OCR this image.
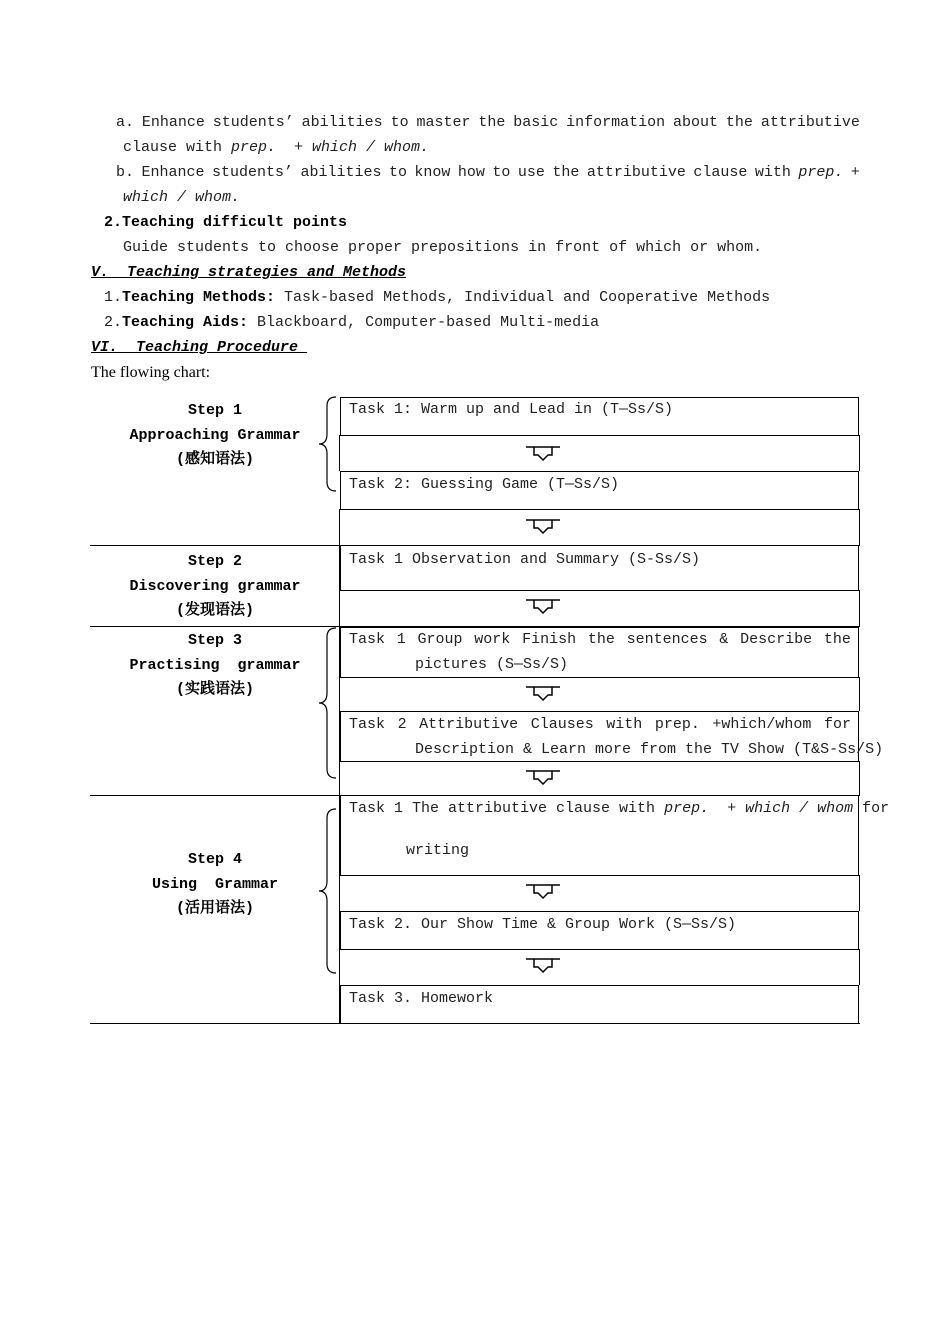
a. Enhance students’ abilities to master the basic information about the attributive
clause with prep.  + which / whom.
b. Enhance students’ abilities to know how to use the attributive clause with prep. +
which / whom.
2.Teaching difficult points
Guide students to choose proper prepositions in front of which or whom.
V.  Teaching strategies and Methods
1.Teaching Methods: Task-based Methods, Individual and Cooperative Methods
2.Teaching Aids: Blackboard, Computer-based Multi-media
VI.  Teaching Procedure
The flowing chart:
Step 1
Approaching Grammar
(感知语法)
Step 2
Discovering grammar
(发现语法)
Step 3
Practising  grammar
(实践语法)
Step 4
Using  Grammar
(活用语法)
Task 1: Warm up and Lead in (T—Ss/S)
Task 2: Guessing Game (T—Ss/S)
Task 1 Observation and Summary (S-Ss/S)
Task 1 Group work Finish the sentences & Describe the
pictures (S—Ss/S)
Task 2 Attributive Clauses with prep. +which/whom for
Description & Learn more from the TV Show (T&S-Ss/S)
Task 1 The attributive clause with prep.  + which / whom for
writing
Task 2. Our Show Time & Group Work (S—Ss/S)
Task 3. Homework
